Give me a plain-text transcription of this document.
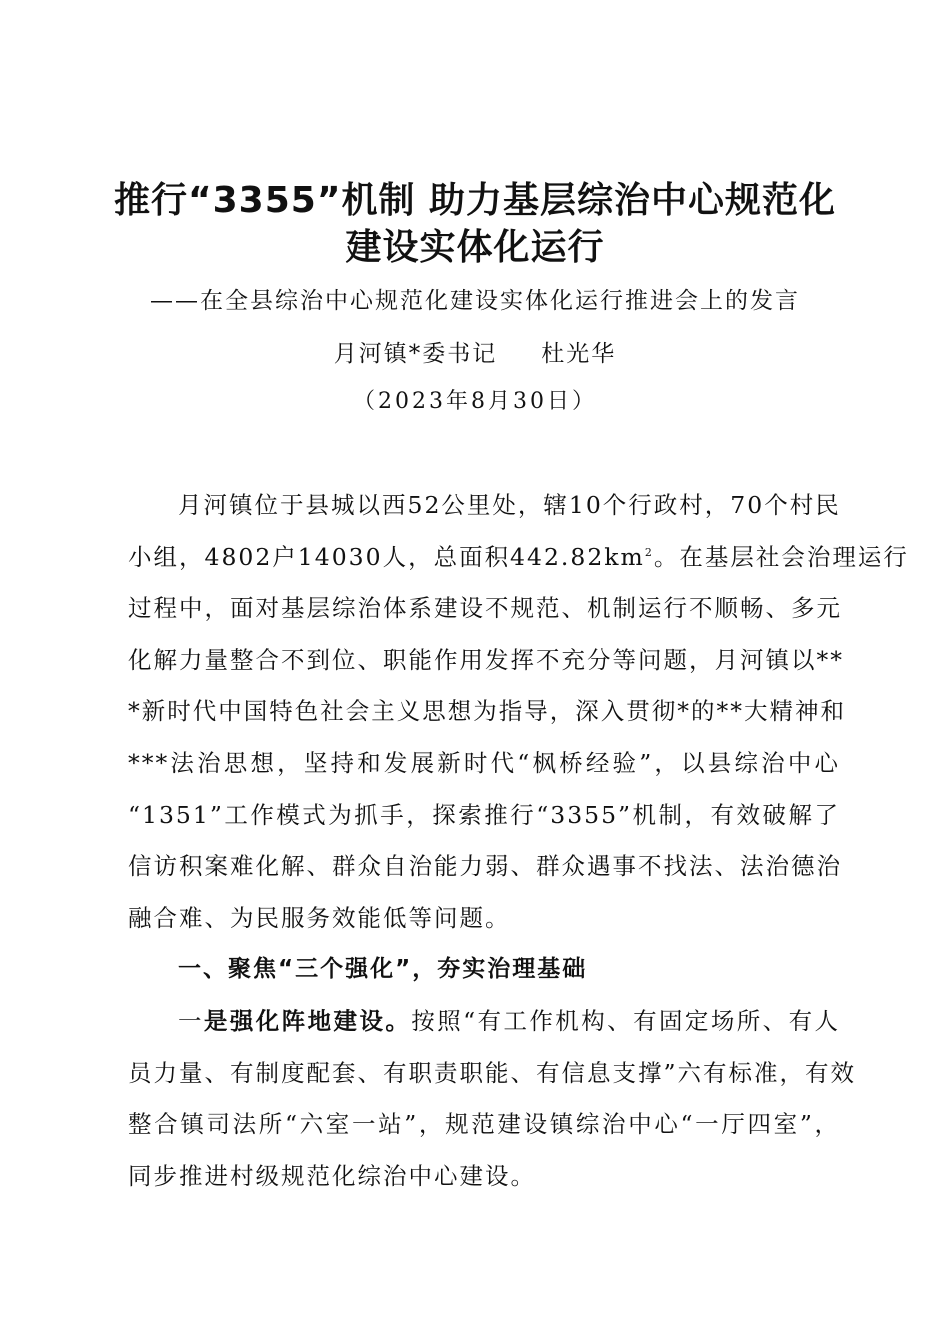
推行“3355”机制 助力基层综治中心规范化
建设实体化运行
——在全县综治中心规范化建设实体化运行推进会上的发言
月河镇*委书记 杜光华
（2023年8月30日）
月河镇位于县城以西52公里处，辖10个行政村，70个村民
小组，4802户14030人，总面积$442.82km^2$。在基层社会治理运行
过程中，面对基层综治体系建设不规范、机制运行不顺畅、多元
化解力量整合不到位、职能作用发挥不充分等问题，月河镇以**
*新时代中国特色社会主义思想为指导，深入贯彻*的**大精神和
***法治思想，坚持和发展新时代“枫桥经验”，以县综治中心
“1351”工作模式为抓手，探索推行“3355”机制，有效破解了
信访积案难化解、群众自治能力弱、群众遇事不找法、法治德治
融合难、为民服务效能低等问题。
一、聚焦“三个强化”，夯实治理基础
一是强化阵地建设。按照“有工作机构、有固定场所、有人
员力量、有制度配套、有职责职能、有信息支撑”六有标准，有效
整合镇司法所“六室一站”，规范建设镇综治中心“一厅四室”，
同步推进村级规范化综治中心建设。
